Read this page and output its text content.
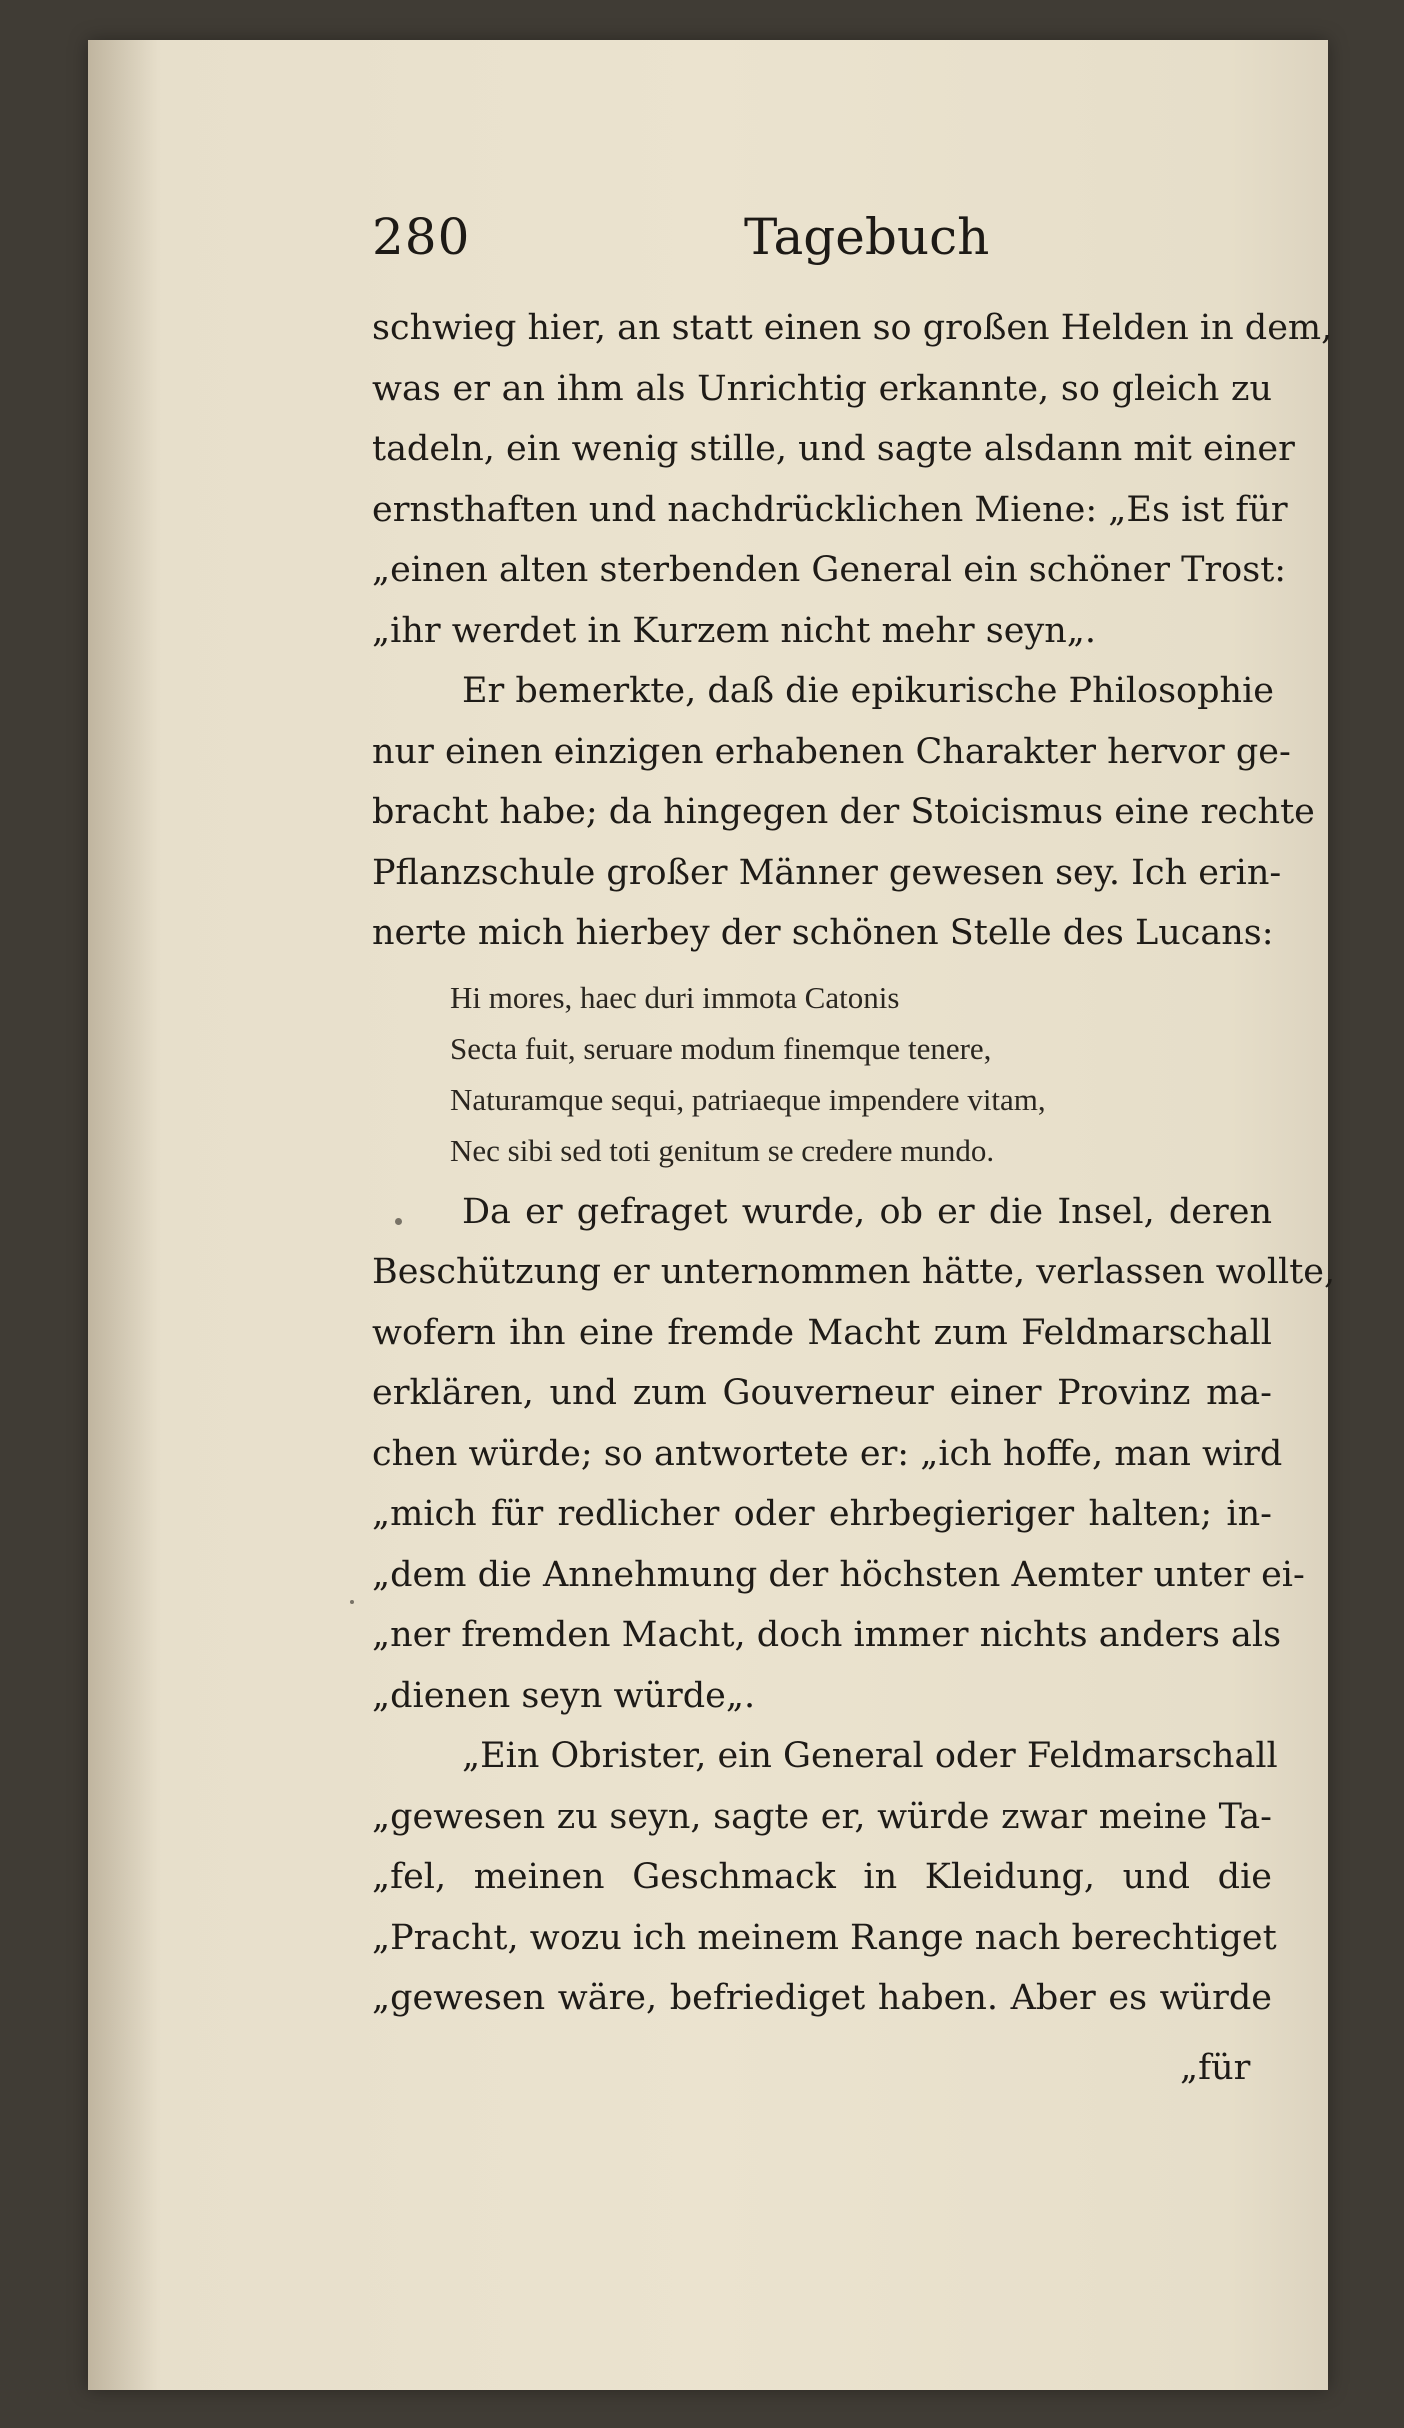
280	Tagebuch
schwieg hier, an statt einen so großen Helden in dem,
was er an ihm als Unrichtig erkannte, so gleich zu
tadeln, ein wenig stille, und sagte alsdann mit einer
ernsthaften und nachdrücklichen Miene: „Es ist für
„einen alten sterbenden General ein schöner Trost:
„ihr werdet in Kurzem nicht mehr seyn„.
Er bemerkte, daß die epikurische Philosophie
nur einen einzigen erhabenen Charakter hervor ge-
bracht habe; da hingegen der Stoicismus eine rechte
Pflanzschule großer Männer gewesen sey. Ich erin-
nerte mich hierbey der schönen Stelle des Lucans:
Hi mores, haec duri immota Catonis
Secta fuit, seruare modum finemque tenere,
Naturamque sequi, patriaeque impendere vitam,
Nec sibi sed toti genitum se credere mundo.
Da er gefraget wurde, ob er die Insel, deren
Beschützung er unternommen hätte, verlassen wollte,
wofern ihn eine fremde Macht zum Feldmarschall
erklären, und zum Gouverneur einer Provinz ma-
chen würde; so antwortete er: „ich hoffe, man wird
„mich für redlicher oder ehrbegieriger halten; in-
„dem die Annehmung der höchsten Aemter unter ei-
„ner fremden Macht, doch immer nichts anders als
„dienen seyn würde„.
„Ein Obrister, ein General oder Feldmarschall
„gewesen zu seyn, sagte er, würde zwar meine Ta-
„fel, meinen Geschmack in Kleidung, und die
„Pracht, wozu ich meinem Range nach berechtiget
„gewesen wäre, befriediget haben. Aber es würde
„für
